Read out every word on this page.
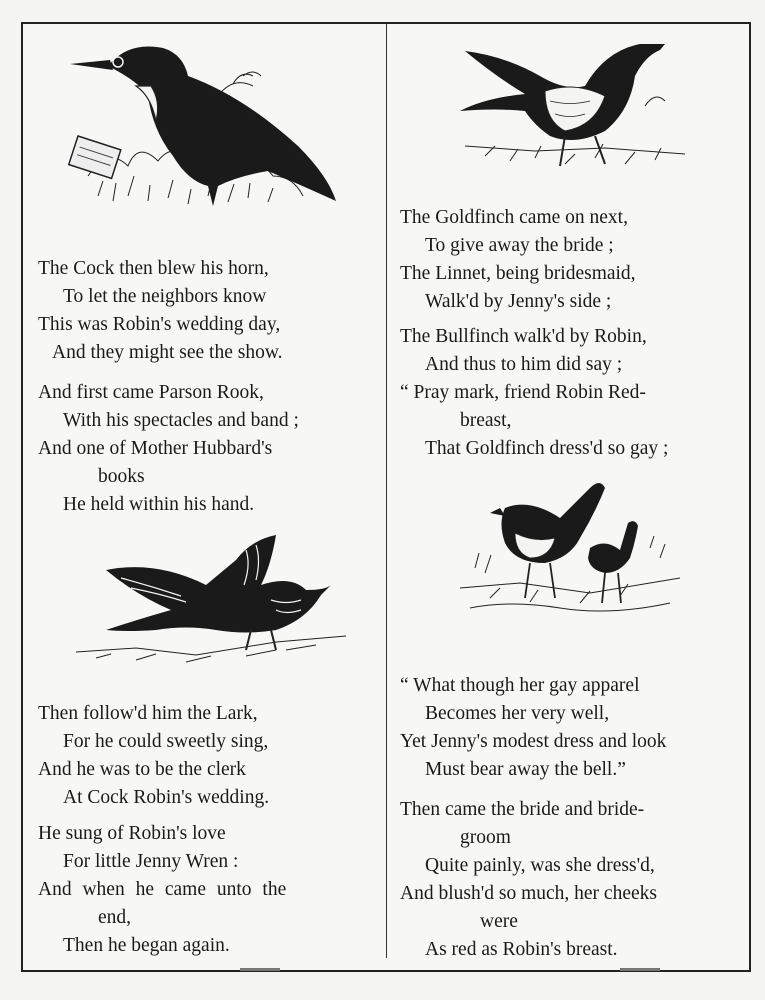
The Cock then blew his horn,
To let the neighbors know
This was Robin's wedding day,
And they might see the show.
And first came Parson Rook,
With his spectacles and band ;
And one of Mother Hubbard's
books
He held within his hand.
Then follow'd him the Lark,
For he could sweetly sing,
And he was to be the clerk
At Cock Robin's wedding.
He sung of Robin's love
For little Jenny Wren :
And when he came unto the
end,
Then he began again.
The Goldfinch came on next,
To give away the bride ;
The Linnet, being bridesmaid,
Walk'd by Jenny's side ;
The Bullfinch walk'd by Robin,
And thus to him did say ;
“ Pray mark, friend Robin Red-
breast,
That Goldfinch dress'd so gay ;
“ What though her gay apparel
Becomes her very well,
Yet Jenny's modest dress and look
Must bear away the bell.”
Then came the bride and bride-
groom
Quite painly, was she dress'd,
And blush'd so much, her cheeks
were
As red as Robin's breast.
